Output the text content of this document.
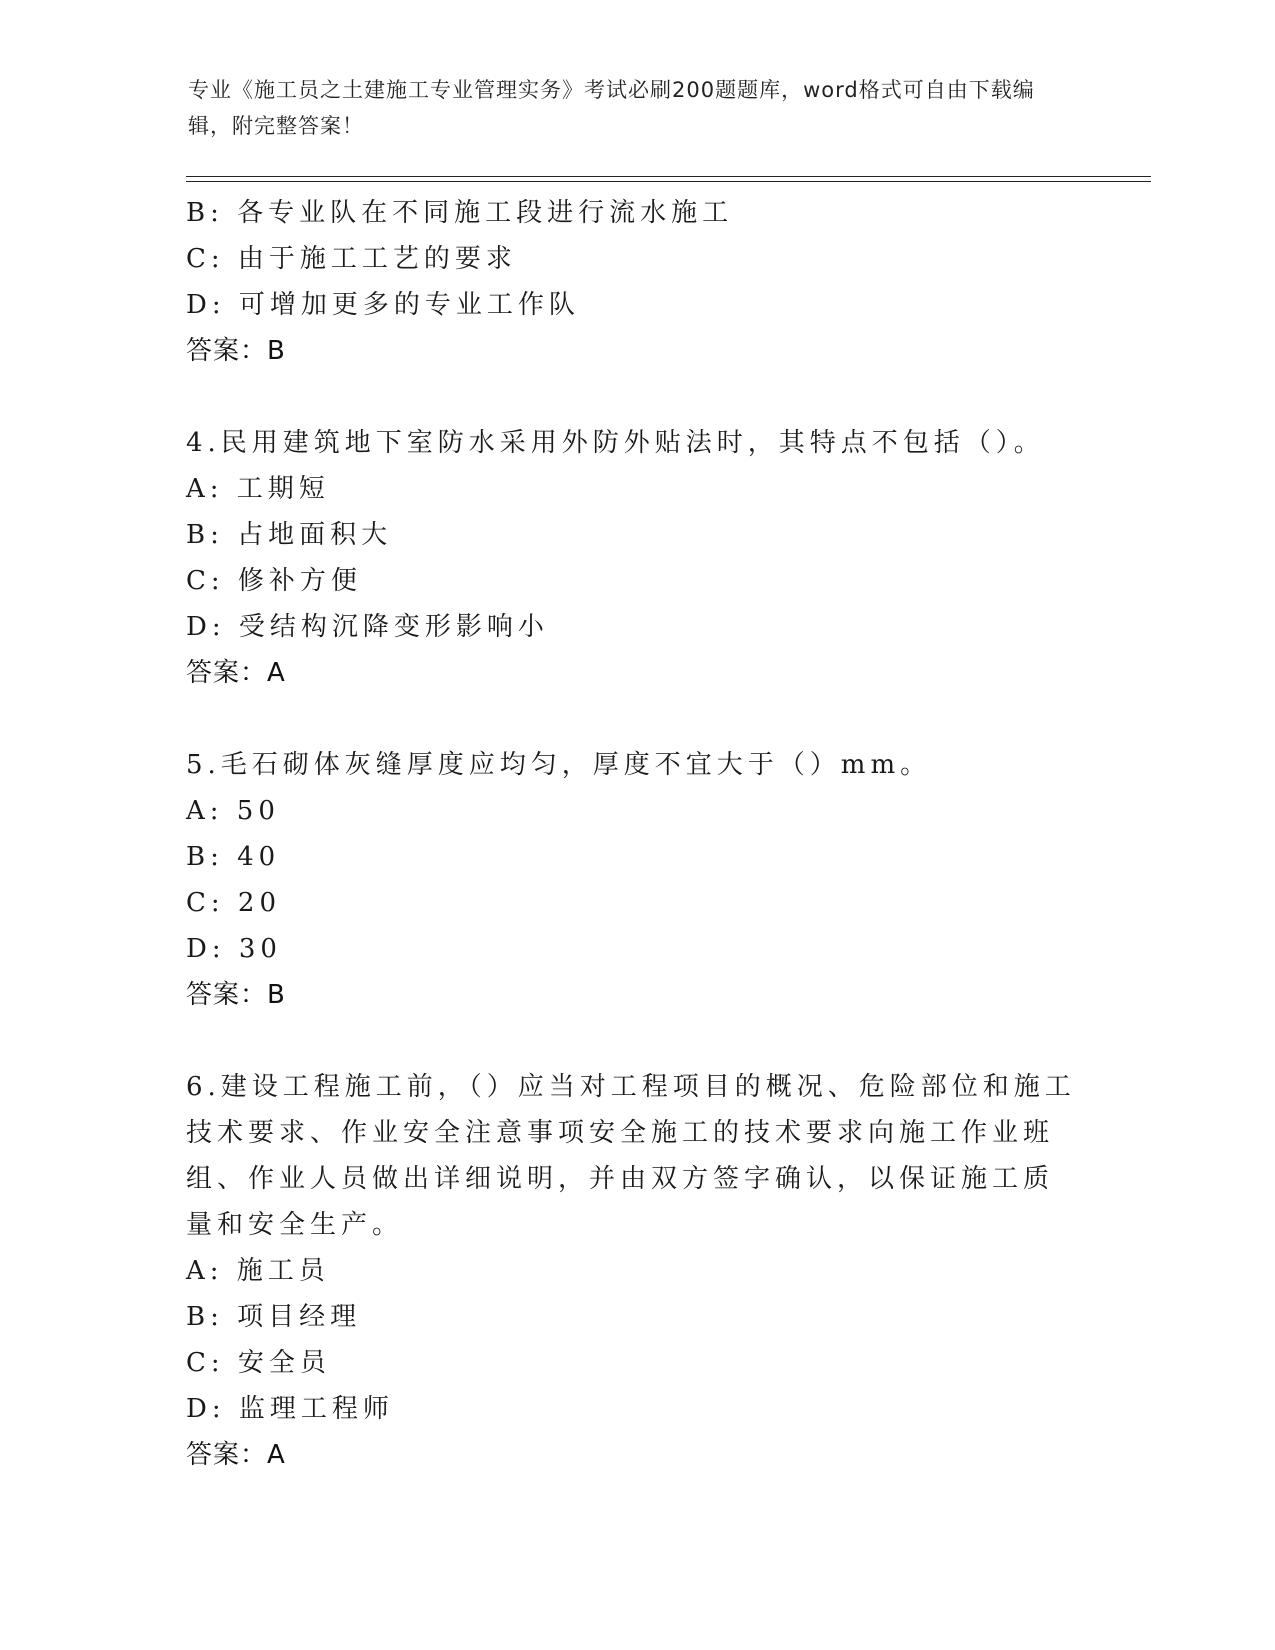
专业《施工员之土建施工专业管理实务》考试必刷200题题库，word格式可自由下载编辑，附完整答案！
B: 各专业队在不同施工段进行流水施工
C: 由于施工工艺的要求
D: 可增加更多的专业工作队
答案：B
4.民用建筑地下室防水采用外防外贴法时，其特点不包括（）。
A: 工期短
B: 占地面积大
C: 修补方便
D: 受结构沉降变形影响小
答案：A
5.毛石砌体灰缝厚度应均匀，厚度不宜大于（）mm。
A: 50
B: 40
C: 20
D: 30
答案：B
6.建设工程施工前，（）应当对工程项目的概况、危险部位和施工技术要求、作业安全注意事项安全施工的技术要求向施工作业班组、作业人员做出详细说明，并由双方签字确认，以保证施工质量和安全生产。
A: 施工员
B: 项目经理
C: 安全员
D: 监理工程师
答案：A
